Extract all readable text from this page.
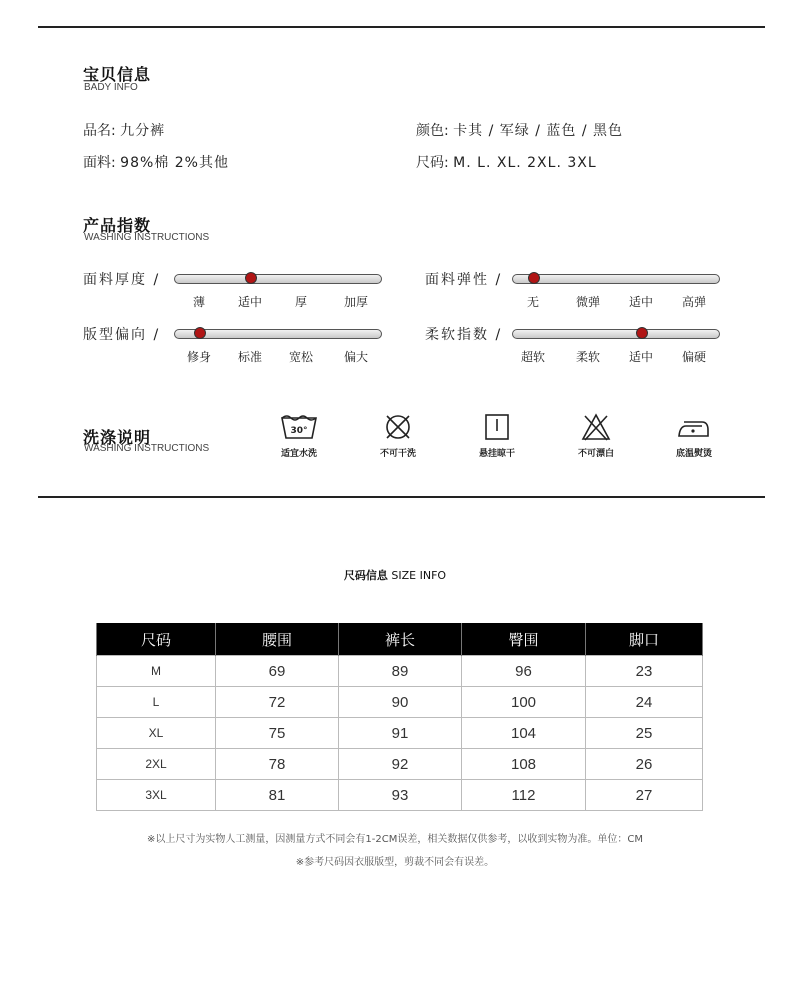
宝贝信息
BADY INFO
品名: 九分裤	颜色: 卡其 / 军绿 / 蓝色 / 黑色
面料: 98%棉 2%其他	尺码: M. L. XL. 2XL. 3XL
产品指数
WASHING INSTRUCTIONS
面料厚度 /
薄	适中	厚	加厚
面料弹性 /
无	微弹 适中 高弹
版型偏向 /
修身 标准 宽松	偏大
柔软指数 /
超软	柔软 适中 偏硬
洗涤说明
WASHING INSTRUCTIONS
30°
适宜水洗	不可干洗	悬挂晾干	不可漂白	底温熨烫
尺码信息 SIZE INFO
尺码	腰围	裤长	臀围	脚口
M	69	89	96	23
L	72	90	100	24
XL	75	91	104	25
2XL	78	92	108	26
3XL	81	93	112	27
※以上尺寸为实物人工测量，因测量方式不同会有1-2CM误差，相关数据仅供参考，以收到实物为准。单位：CM
※参考尺码因衣服版型，剪裁不同会有误差。
